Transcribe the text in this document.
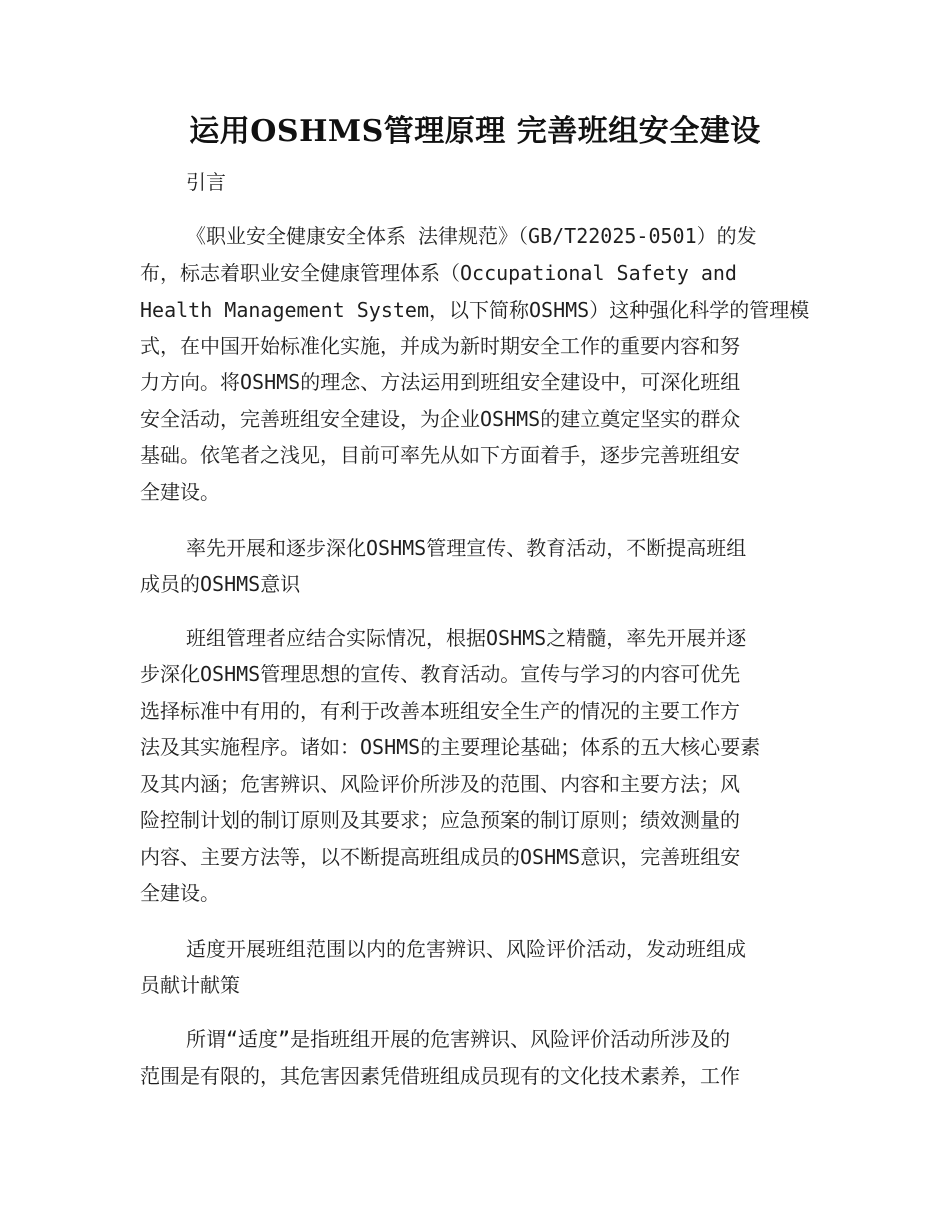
运用OSHMS管理原理 完善班组安全建设
引言
《职业安全健康安全体系 法律规范》（GB/T22025-0501）的发
布，标志着职业安全健康管理体系（Occupational Safety and
Health Management System，以下简称OSHMS）这种强化科学的管理模
式，在中国开始标准化实施，并成为新时期安全工作的重要内容和努
力方向。将OSHMS的理念、方法运用到班组安全建设中，可深化班组
安全活动，完善班组安全建设，为企业OSHMS的建立奠定坚实的群众
基础。依笔者之浅见，目前可率先从如下方面着手，逐步完善班组安
全建设。
率先开展和逐步深化OSHMS管理宣传、教育活动，不断提高班组
成员的OSHMS意识
班组管理者应结合实际情况，根据OSHMS之精髓，率先开展并逐
步深化OSHMS管理思想的宣传、教育活动。宣传与学习的内容可优先
选择标准中有用的，有利于改善本班组安全生产的情况的主要工作方
法及其实施程序。诸如：OSHMS的主要理论基础；体系的五大核心要素
及其内涵；危害辨识、风险评价所涉及的范围、内容和主要方法；风
险控制计划的制订原则及其要求；应急预案的制订原则；绩效测量的
内容、主要方法等，以不断提高班组成员的OSHMS意识，完善班组安
全建设。
适度开展班组范围以内的危害辨识、风险评价活动，发动班组成
员献计献策
所谓“适度”是指班组开展的危害辨识、风险评价活动所涉及的
范围是有限的，其危害因素凭借班组成员现有的文化技术素养，工作
